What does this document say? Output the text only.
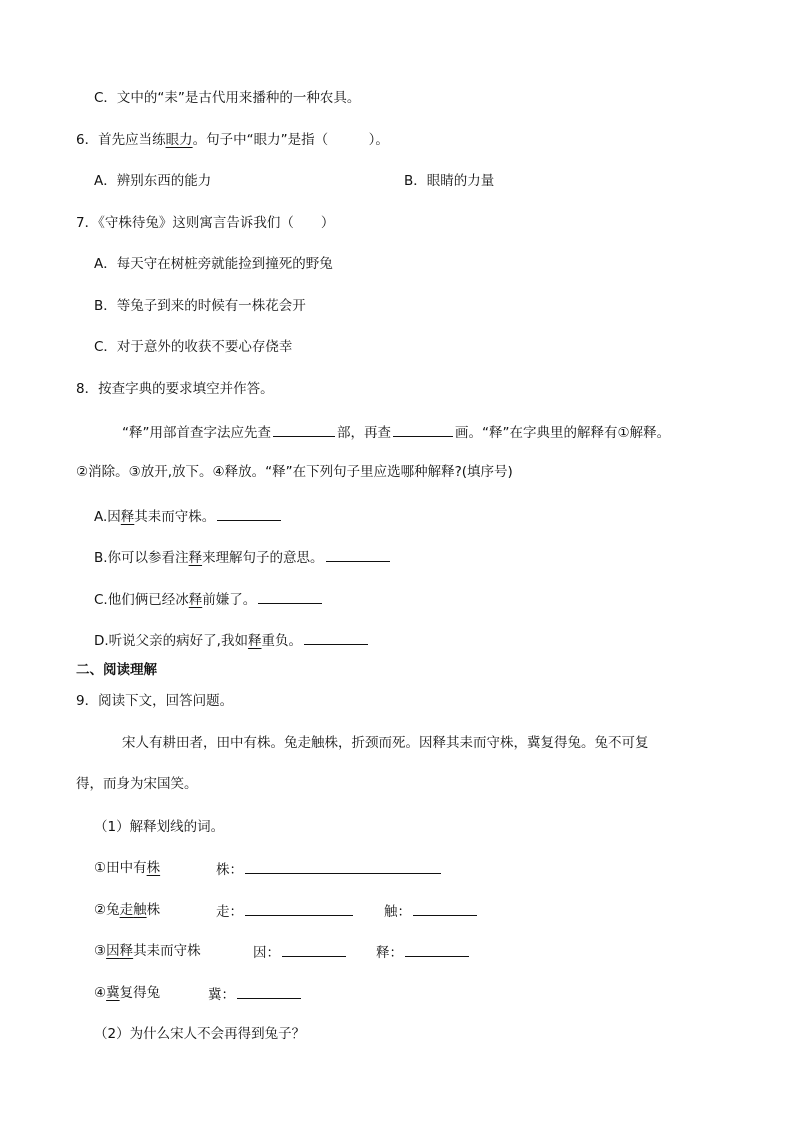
C．文中的“耒”是古代用来播种的一种农具。
6．首先应当练眼力。句子中“眼力”是指（　　　）。
A．辨别东西的能力	B．眼睛的力量
7．《守株待兔》这则寓言告诉我们（　　）
A．每天守在树桩旁就能捡到撞死的野兔
B．等兔子到来的时候有一株花会开
C．对于意外的收获不要心存侥幸
8．按查字典的要求填空并作答。
“释”用部首查字法应先查	部，再查	画。“释”在字典里的解释有①解释。
②消除。③放开,放下。④释放。“释”在下列句子里应选哪种解释?(填序号)
A.因释其耒而守株。
B.你可以参看注释来理解句子的意思。
C.他们俩已经冰释前嫌了。
D.听说父亲的病好了,我如释重负。
二、阅读理解
9．阅读下文，回答问题。
宋人有耕田者，田中有株。兔走触株，折颈而死。因释其耒而守株，冀复得兔。兔不可复
得，而身为宋国笑。
（1）解释划线的词。
①田中有株	株：
②兔走触株	走：	触：
③因释其耒而守株	因：	释：
④冀复得兔	冀：
（2）为什么宋人不会再得到兔子？
